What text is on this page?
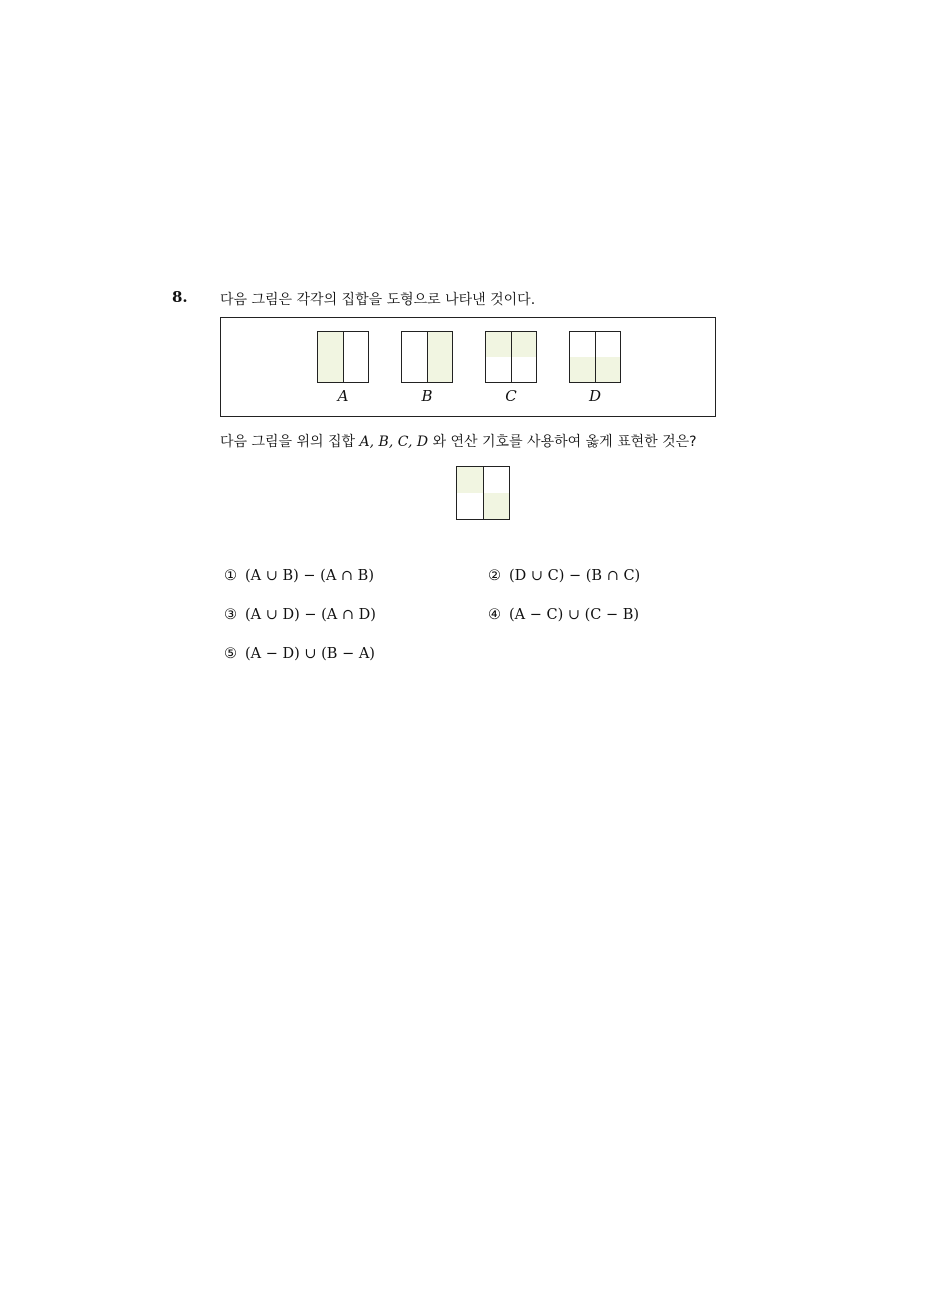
8. 다음 그림은 각각의 집합을 도형으로 나타낸 것이다.
A	B	C	D
다음 그림을 위의 집합 A, B, C, D 와 연산 기호를 사용하여 옳게 표현한 것은?
① (A ∪ B) − (A ∩ B)	② (D ∪ C) − (B ∩ C)
③ (A ∪ D) − (A ∩ D)	④ (A − C) ∪ (C − B)
⑤ (A − D) ∪ (B − A)
